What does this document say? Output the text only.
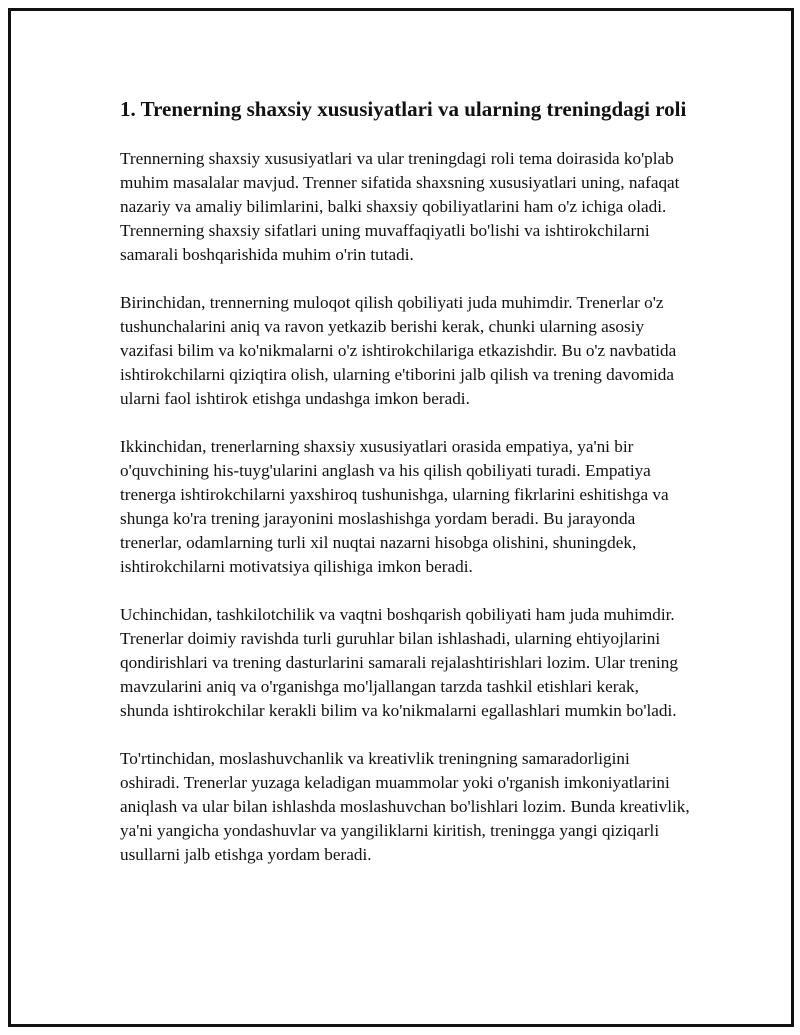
1. Trenerning shaxsiy xususiyatlari va ularning treningdagi roli

Trennerning shaxsiy xususiyatlari va ular treningdagi roli tema doirasida ko'plab muhim masalalar mavjud. Trenner sifatida shaxsning xususiyatlari uning, nafaqat nazariy va amaliy bilimlarini, balki shaxsiy qobiliyatlarini ham o'z ichiga oladi. Trennerning shaxsiy sifatlari uning muvaffaqiyatli bo'lishi va ishtirokchilarni samarali boshqarishida muhim o'rin tutadi.

Birinchidan, trennerning muloqot qilish qobiliyati juda muhimdir. Trenerlar o'z tushunchalarini aniq va ravon yetkazib berishi kerak, chunki ularning asosiy vazifasi bilim va ko'nikmalarni o'z ishtirokchilariga etkazishdir. Bu o'z navbatida ishtirokchilarni qiziqtira olish, ularning e'tiborini jalb qilish va trening davomida ularni faol ishtirok etishga undashga imkon beradi.

Ikkinchidan, trenerlarning shaxsiy xususiyatlari orasida empatiya, ya'ni bir o'quvchining his-tuyg'ularini anglash va his qilish qobiliyati turadi. Empatiya trenerga ishtirokchilarni yaxshiroq tushunishga, ularning fikrlarini eshitishga va shunga ko'ra trening jarayonini moslashishga yordam beradi. Bu jarayonda trenerlar, odamlarning turli xil nuqtai nazarni hisobga olishini, shuningdek, ishtirokchilarni motivatsiya qilishiga imkon beradi.

Uchinchidan, tashkilotchilik va vaqtni boshqarish qobiliyati ham juda muhimdir. Trenerlar doimiy ravishda turli guruhlar bilan ishlashadi, ularning ehtiyojlarini qondirishlari va trening dasturlarini samarali rejalashtirishlari lozim. Ular trening mavzularini aniq va o'rganishga mo'ljallangan tarzda tashkil etishlari kerak, shunda ishtirokchilar kerakli bilim va ko'nikmalarni egallashlari mumkin bo'ladi.

To'rtinchidan, moslashuvchanlik va kreativlik treningning samaradorligini oshiradi. Trenerlar yuzaga keladigan muammolar yoki o'rganish imkoniyatlarini aniqlash va ular bilan ishlashda moslashuvchan bo'lishlari lozim. Bunda kreativlik, ya'ni yangicha yondashuvlar va yangiliklarni kiritish, treningga yangi qiziqarli usullarni jalb etishga yordam beradi.
